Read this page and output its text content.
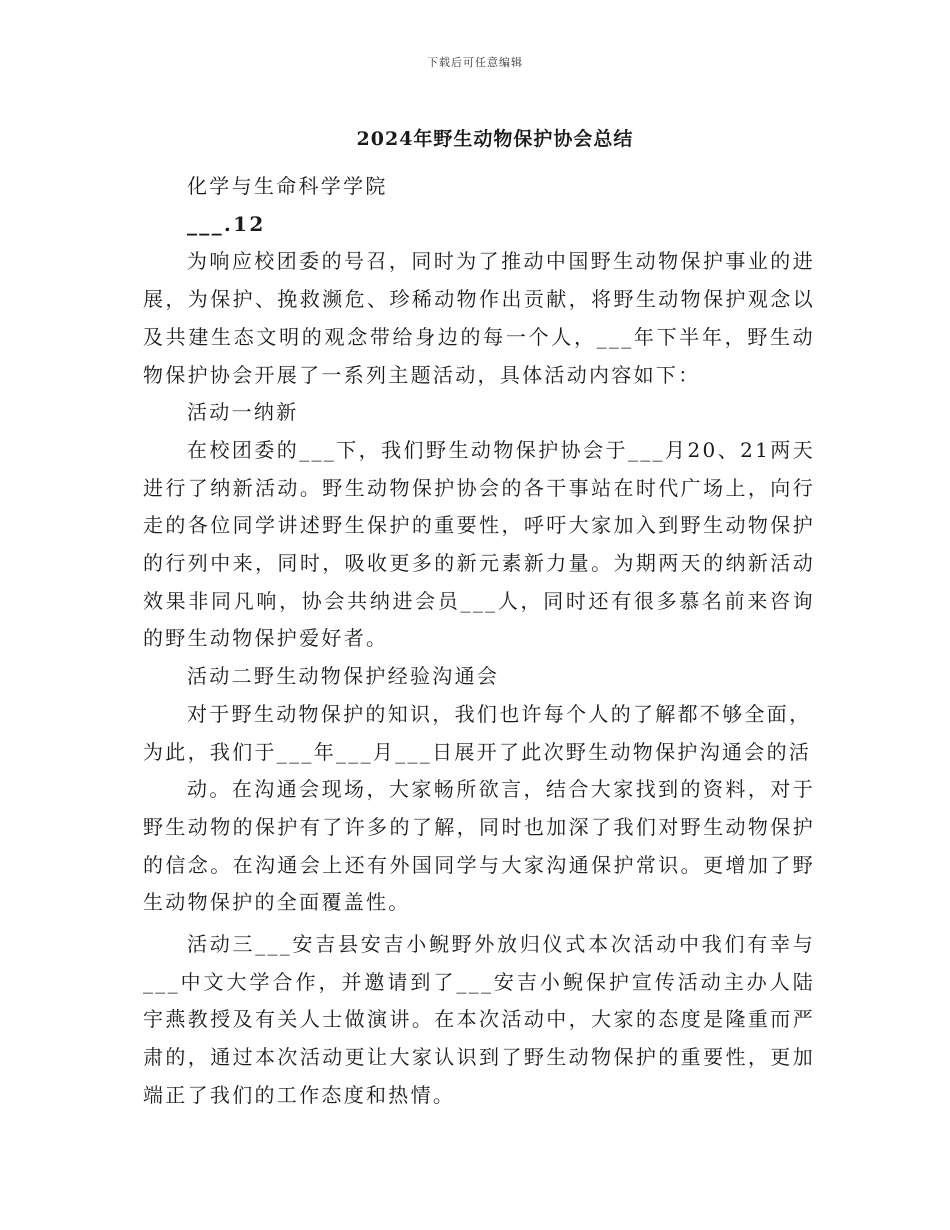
下载后可任意编辑
2024年野生动物保护协会总结

化学与生命科学学院

___.12

为响应校团委的号召，同时为了推动中国野生动物保护事业的进展，为保护、挽救濒危、珍稀动物作出贡献，将野生动物保护观念以及共建生态文明的观念带给身边的每一个人，___年下半年，野生动物保护协会开展了一系列主题活动，具体活动内容如下：

活动一纳新

在校团委的___下，我们野生动物保护协会于___月20、21两天进行了纳新活动。野生动物保护协会的各干事站在时代广场上，向行走的各位同学讲述野生保护的重要性，呼吁大家加入到野生动物保护的行列中来，同时，吸收更多的新元素新力量。为期两天的纳新活动效果非同凡响，协会共纳进会员___人，同时还有很多慕名前来咨询的野生动物保护爱好者。

活动二野生动物保护经验沟通会

对于野生动物保护的知识，我们也许每个人的了解都不够全面，

为此，我们于___年___月___日展开了此次野生动物保护沟通会的活

动。在沟通会现场，大家畅所欲言，结合大家找到的资料，对于野生动物的保护有了许多的了解，同时也加深了我们对野生动物保护的信念。在沟通会上还有外国同学与大家沟通保护常识。更增加了野生动物保护的全面覆盖性。

活动三___安吉县安吉小鲵野外放归仪式本次活动中我们有幸与___中文大学合作，并邀请到了___安吉小鲵保护宣传活动主办人陆宇燕教授及有关人士做演讲。在本次活动中，大家的态度是隆重而严肃的，通过本次活动更让大家认识到了野生动物保护的重要性，更加端正了我们的工作态度和热情。
